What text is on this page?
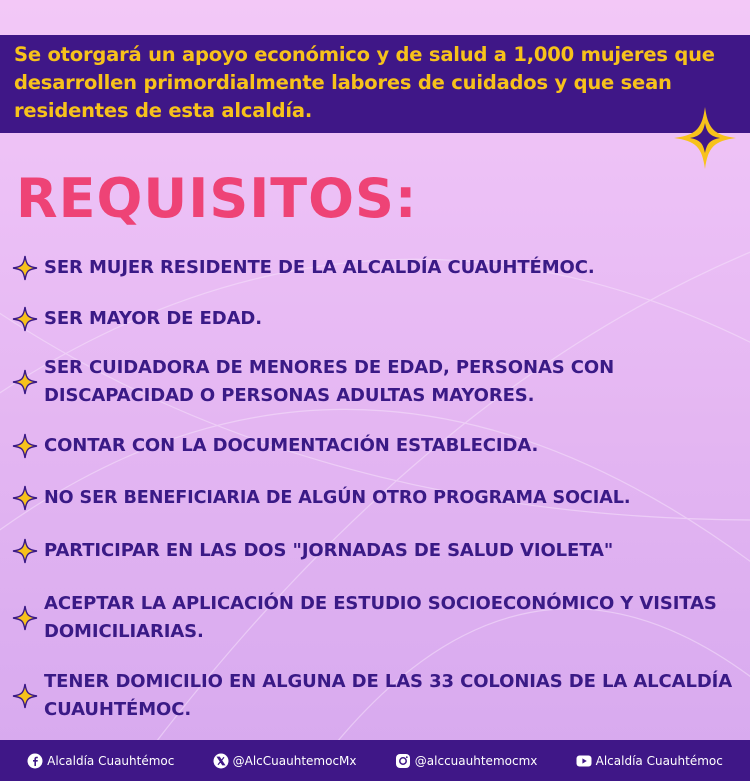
Se otorgará un apoyo económico y de salud a 1,000 mujeres que desarrollen primordialmente labores de cuidados y que sean residentes de esta alcaldía.

REQUISITOS:
SER MUJER RESIDENTE DE LA ALCALDÍA CUAUHTÉMOC.
SER MAYOR DE EDAD.
SER CUIDADORA DE MENORES DE EDAD, PERSONAS CON DISCAPACIDAD O PERSONAS ADULTAS MAYORES.
CONTAR CON LA DOCUMENTACIÓN ESTABLECIDA.
NO SER BENEFICIARIA DE ALGÚN OTRO PROGRAMA SOCIAL.
PARTICIPAR EN LAS DOS "JORNADAS DE SALUD VIOLETA"
ACEPTAR LA APLICACIÓN DE ESTUDIO SOCIOECONÓMICO Y VISITAS DOMICILIARIAS.
TENER DOMICILIO EN ALGUNA DE LAS 33 COLONIAS DE LA ALCALDÍA CUAUHTÉMOC.
Alcaldía Cuauhtémoc	@AlcCuauhtemocMx	@alccuauhtemocmx	Alcaldía Cuauhtémoc
